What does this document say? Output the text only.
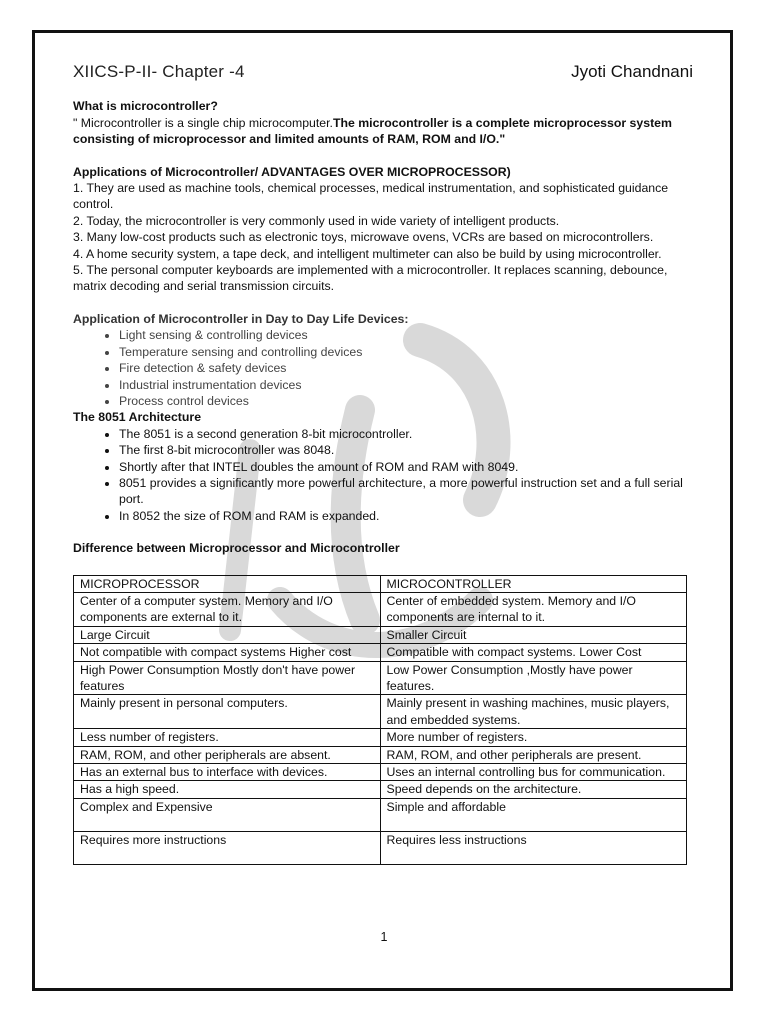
XIICS-P-II- Chapter -4	Jyoti Chandnani

What is microcontroller?

" Microcontroller is a single chip microcomputer.The microcontroller is a complete microprocessor system consisting of microprocessor and limited amounts of RAM, ROM and I/O."

Applications of Microcontroller/ ADVANTAGES OVER MICROPROCESSOR)

1. They are used as machine tools, chemical processes, medical instrumentation, and sophisticated guidance control.

2. Today, the microcontroller is very commonly used in wide variety of intelligent products.

3. Many low-cost products such as electronic toys, microwave ovens, VCRs are based on microcontrollers.

4. A home security system, a tape deck, and intelligent multimeter can also be build by using microcontroller.

5. The personal computer keyboards are implemented with a microcontroller. It replaces scanning, debounce, matrix decoding and serial transmission circuits.

Application of Microcontroller in Day to Day Life Devices:

• Light sensing & controlling devices
• Temperature sensing and controlling devices
• Fire detection & safety devices
• Industrial instrumentation devices
• Process control devices

The 8051 Architecture

• The 8051 is a second generation 8-bit microcontroller.
• The first 8-bit microcontroller was 8048.
• Shortly after that INTEL doubles the amount of ROM and RAM with 8049.
• 8051 provides a significantly more powerful architecture, a more powerful instruction set and a full serial port.
• In 8052 the size of ROM and RAM is expanded.

Difference between Microprocessor and Microcontroller

MICROPROCESSOR	MICROCONTROLLER
Center of a computer system. Memory and I/O components are external to it.	Center of embedded system. Memory and I/O components are internal to it.
Large Circuit	Smaller Circuit
Not compatible with compact systems Higher cost	Compatible with compact systems. Lower Cost
High Power Consumption Mostly don't have power features	Low Power Consumption ,Mostly have power features.
Mainly present in personal computers.	Mainly present in washing machines, music players, and embedded systems.
Less number of registers.	More number of registers.
RAM, ROM, and other peripherals are absent.	RAM, ROM, and other peripherals are present.
Has an external bus to interface with devices.	Uses an internal controlling bus for communication.
Has a high speed.	Speed depends on the architecture.
Complex and Expensive	Simple and affordable
Requires more instructions	Requires less instructions
1
